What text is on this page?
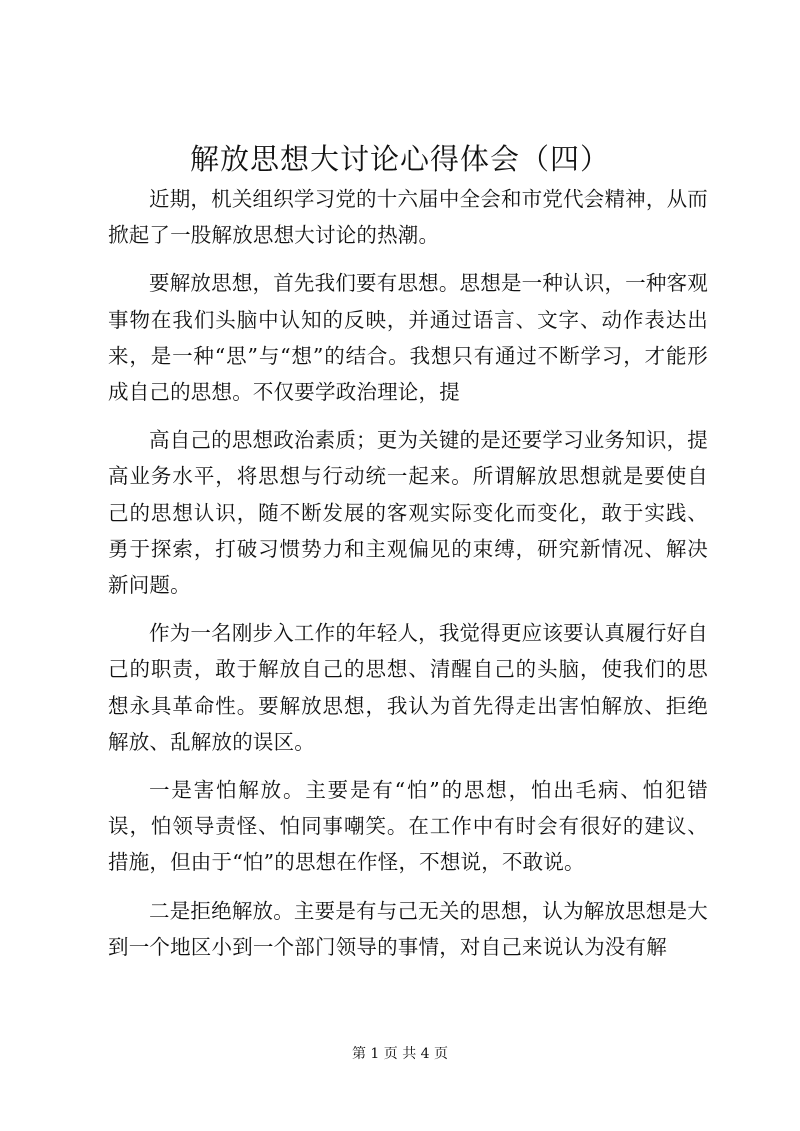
解放思想大讨论心得体会（四）

近期，机关组织学习党的十六届中全会和市党代会精神，从而掀起了一股解放思想大讨论的热潮。

要解放思想，首先我们要有思想。思想是一种认识，一种客观事物在我们头脑中认知的反映，并通过语言、文字、动作表达出来，是一种“思”与“想”的结合。我想只有通过不断学习，才能形成自己的思想。不仅要学政治理论，提

高自己的思想政治素质；更为关键的是还要学习业务知识，提高业务水平，将思想与行动统一起来。所谓解放思想就是要使自己的思想认识，随不断发展的客观实际变化而变化，敢于实践、勇于探索，打破习惯势力和主观偏见的束缚，研究新情况、解决新问题。

作为一名刚步入工作的年轻人，我觉得更应该要认真履行好自己的职责，敢于解放自己的思想、清醒自己的头脑，使我们的思想永具革命性。要解放思想，我认为首先得走出害怕解放、拒绝解放、乱解放的误区。

一是害怕解放。主要是有“怕”的思想，怕出毛病、怕犯错误，怕领导责怪、怕同事嘲笑。在工作中有时会有很好的建议、措施，但由于“怕”的思想在作怪，不想说，不敢说。

二是拒绝解放。主要是有与己无关的思想，认为解放思想是大到一个地区小到一个部门领导的事情，对自己来说认为没有解

第 1 页 共 4 页
